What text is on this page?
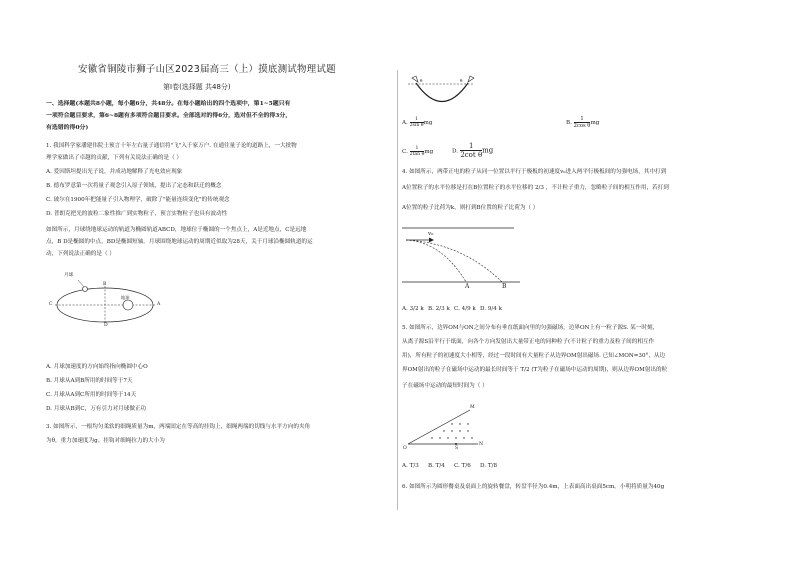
安徽省铜陵市狮子山区2023届高三（上）摸底测试物理试题
第Ⅰ卷(选择题 共48分)
一、选择题(本题共8小题，每小题6分，共48分。在每小题给出的四个选项中，第1~5题只有
一项符合题目要求，第6~8题有多项符合题目要求。全部选对的得6分，选对但不全的得3分，
有选错的得0分)
1. 我国科学家潘建伟院士预言十年左右量子通信将"飞"入千家万户. 在通往量子论的道路上，一大批物
理学家做出了卓越的贡献，下列有关说法正确的是（ ）
A. 爱因斯坦提出光子说，并成功地解释了光电效应现象
B. 德布罗意第一次将量子观念引入原子领域，提出了定态和跃迁的概念
C. 玻尔在1900年把能量子引入物理学，破除了"能量连续变化"的传统观念
D. 普朗克把光的波粒二象性推广到实物粒子，预言实物粒子也具有波动性
如图所示，月球绕地球运动的轨道为椭圆轨道ABCD，地球位于椭圆的一个焦点上，A是近地点，C是远地
点，B D是椭圆的中点，BD是椭圆短轴。月球围绕地球运动的周期近似取为28天，关于月球沿椭圆轨道的运
动，下列说法正确的是（ ）
月球
地球
B
C	A
D
A. 月球加速度的方向始终指向椭圆中心O
B. 月球从A到B所用的时间等于7天
C. 月球从A到C所用的时间等于14天
D. 月球从B到C，万有引力对月球做正功
3. 如图所示，一根均匀柔软的细绳质量为m，两端固定在等高的挂钩上，细绳两端的切线与水平方向的夹角
为θ，重力加速度为g。挂钩对细绳拉力的大小为
θ	θ
A. $\frac{1}{\text{2sin θ}}$ mg	B. $\frac{1}{\text{2cos θ}}$ mg
C. $\frac{1}{\text{2tan θ}}$ mg	D. $\frac{1}{\text{2cot θ}}$ mg
4. 如图所示，两带正电的粒子从同一位置以平行于极板的初速度v₀进入两平行极板间的匀强电场，其中打到
A位置粒子的水平位移是打在B位置粒子的水平位移的 2/3 ，不计粒子重力，忽略粒子间的相互作用，若打到
A位置的粒子比荷为k，则打到B位置的粒子比荷为（ ）
v₀
A	B
A. 3/2 k B. 2/3 k C. 4/9 k D. 9/4 k
5. 如图所示，边界OM与ON之间分布有垂直纸面向里的匀强磁场，边界ON上有一粒子源S. 某一时刻，
从离子源S沿平行于纸面，向各个方向发射出大量带正电的同种粒子(不计粒子的重力及粒子间的相互作
用)，所有粒子的初速度大小相等，经过一段时间有大量粒子从边界OM射出磁场. 已知∠MON=30°，从边
界OM射出的粒子在磁场中运动的最长时间等于 T/2 (T为粒子在磁场中运动的周期)，则从边界OM射出的粒
子在磁场中运动的最短时间为（ ）
M
O	S
N
A. T/3 B. T/4 C. T/6 D. T/8
6. 如图所示为圆形餐桌及桌面上的旋转餐盘，转盘半径为0.4m，上表面高出桌面5cm。小明将质量为40g
